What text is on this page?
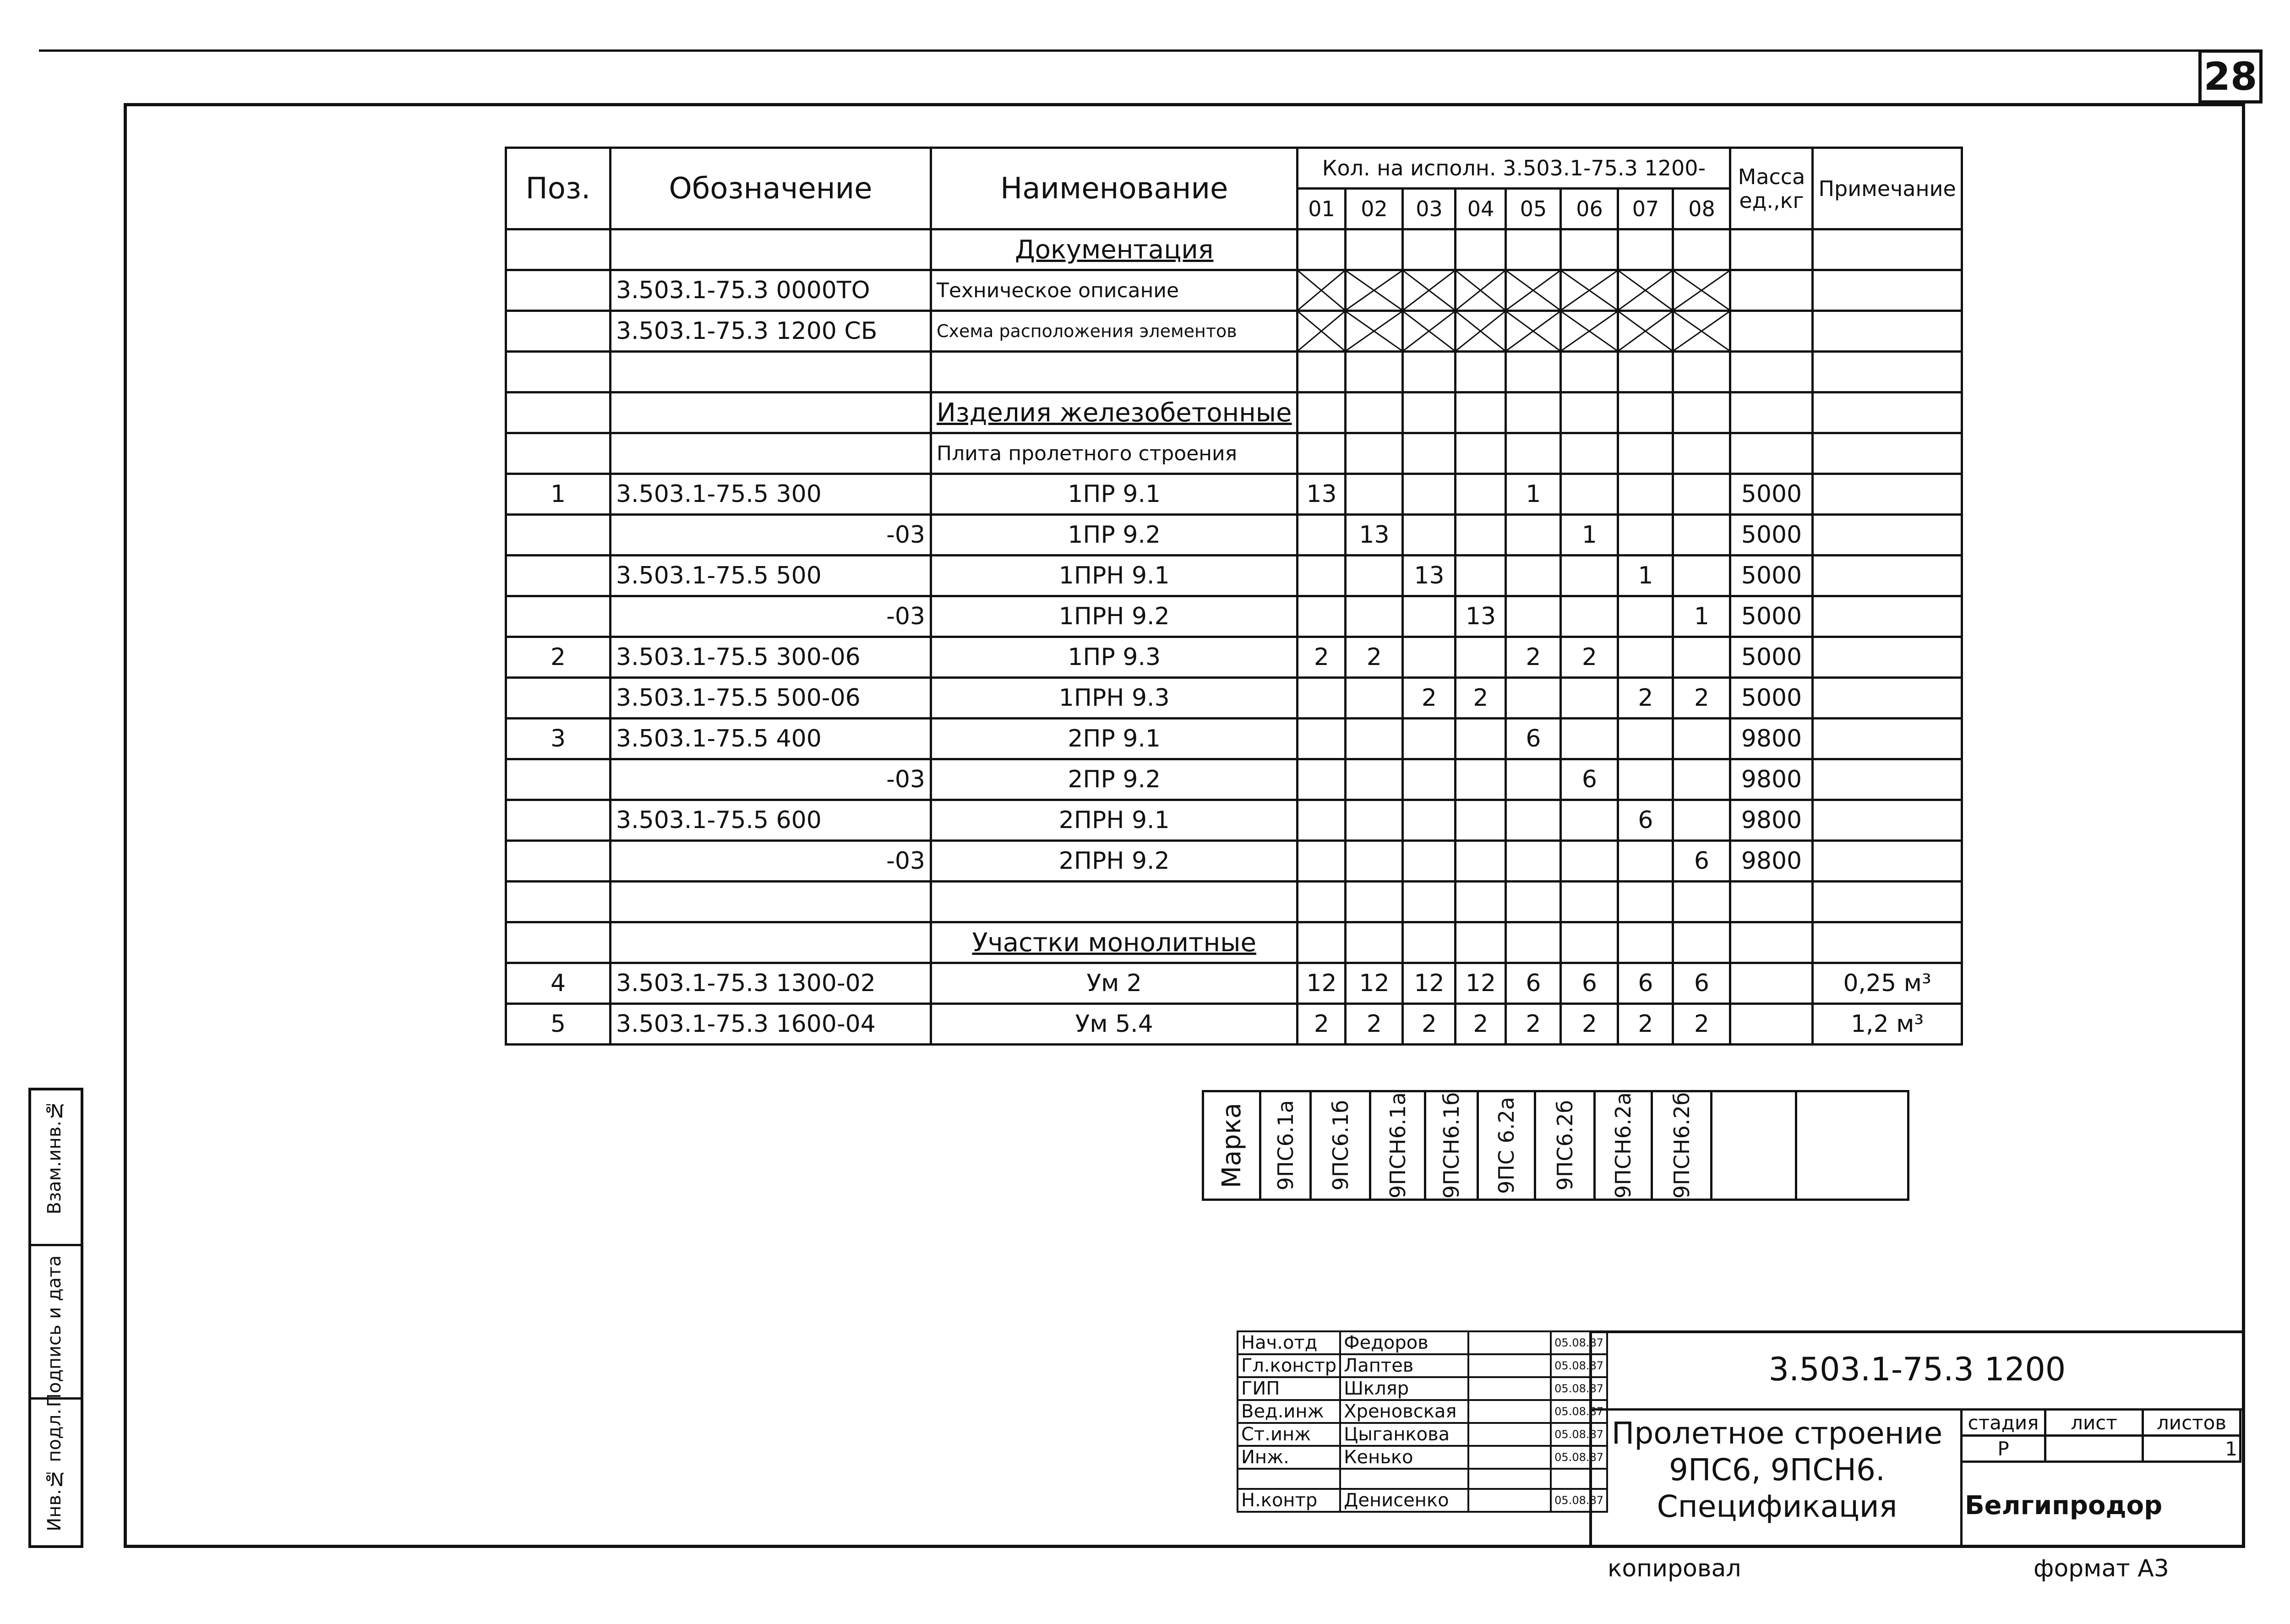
28
Поз.	Обозначение	Наименование	Кол. на исполн. 3.503.1-75.3 1200-								Масса ед.,кг	Примечание
			01	02	03	04	05	06	07	08		
		Документация										
	3.503.1-75.3 0000ТО	Техническое описание	

	3.503.1-75.3 1200 СБ	Схема расположения элементов	

		Изделия железобетонные										
		Плита пролетного строения										
1	3.503.1-75.5 300	1ПР 9.1	13				1				5000	
	-03	1ПР 9.2		13				1			5000	
	3.503.1-75.5 500	1ПРН 9.1			13				1		5000	
	-03	1ПРН 9.2				13				1	5000	
2	3.503.1-75.5 300-06	1ПР 9.3	2	2			2	2			5000	
	3.503.1-75.5 500-06	1ПРН 9.3			2	2			2	2	5000	
3	3.503.1-75.5 400	2ПР 9.1					6				9800	
	-03	2ПР 9.2						6			9800	
	3.503.1-75.5 600	2ПРН 9.1							6		9800	
	-03	2ПРН 9.2								6	9800	

		Участки монолитные										
4	3.503.1-75.3 1300-02	Ум 2	12	12	12	12	6	6	6	6		0,25 м³
5	3.503.1-75.3 1600-04	Ум 5.4	2	2	2	2	2	2	2	2		1,2 м³
Марка	9ПС6.1а	9ПС6.1б	9ПСН6.1а	9ПСН6.1б	9ПС 6.2а	9ПС6.2б	9ПСН6.2а	9ПСН6.2б

Взам.инв.№
Подпись и дата
Инв.№ подл.
3.503.1-75.3 1200
Пролетное строение
9ПС6, 9ПСН6.
Спецификация
стадия	лист	листов
Р		1
Белгипродор
Нач.отд	Федоров		05.08.87
Гл.констр	Лаптев		05.08.87
ГИП	Шкляр		05.08.87
Вед.инж	Хреновская		05.08.87
Ст.инж	Цыганкова		05.08.87
Инж.	Кенько		05.08.87

Н.контр	Денисенко		05.08.87
копировал	формат А3
